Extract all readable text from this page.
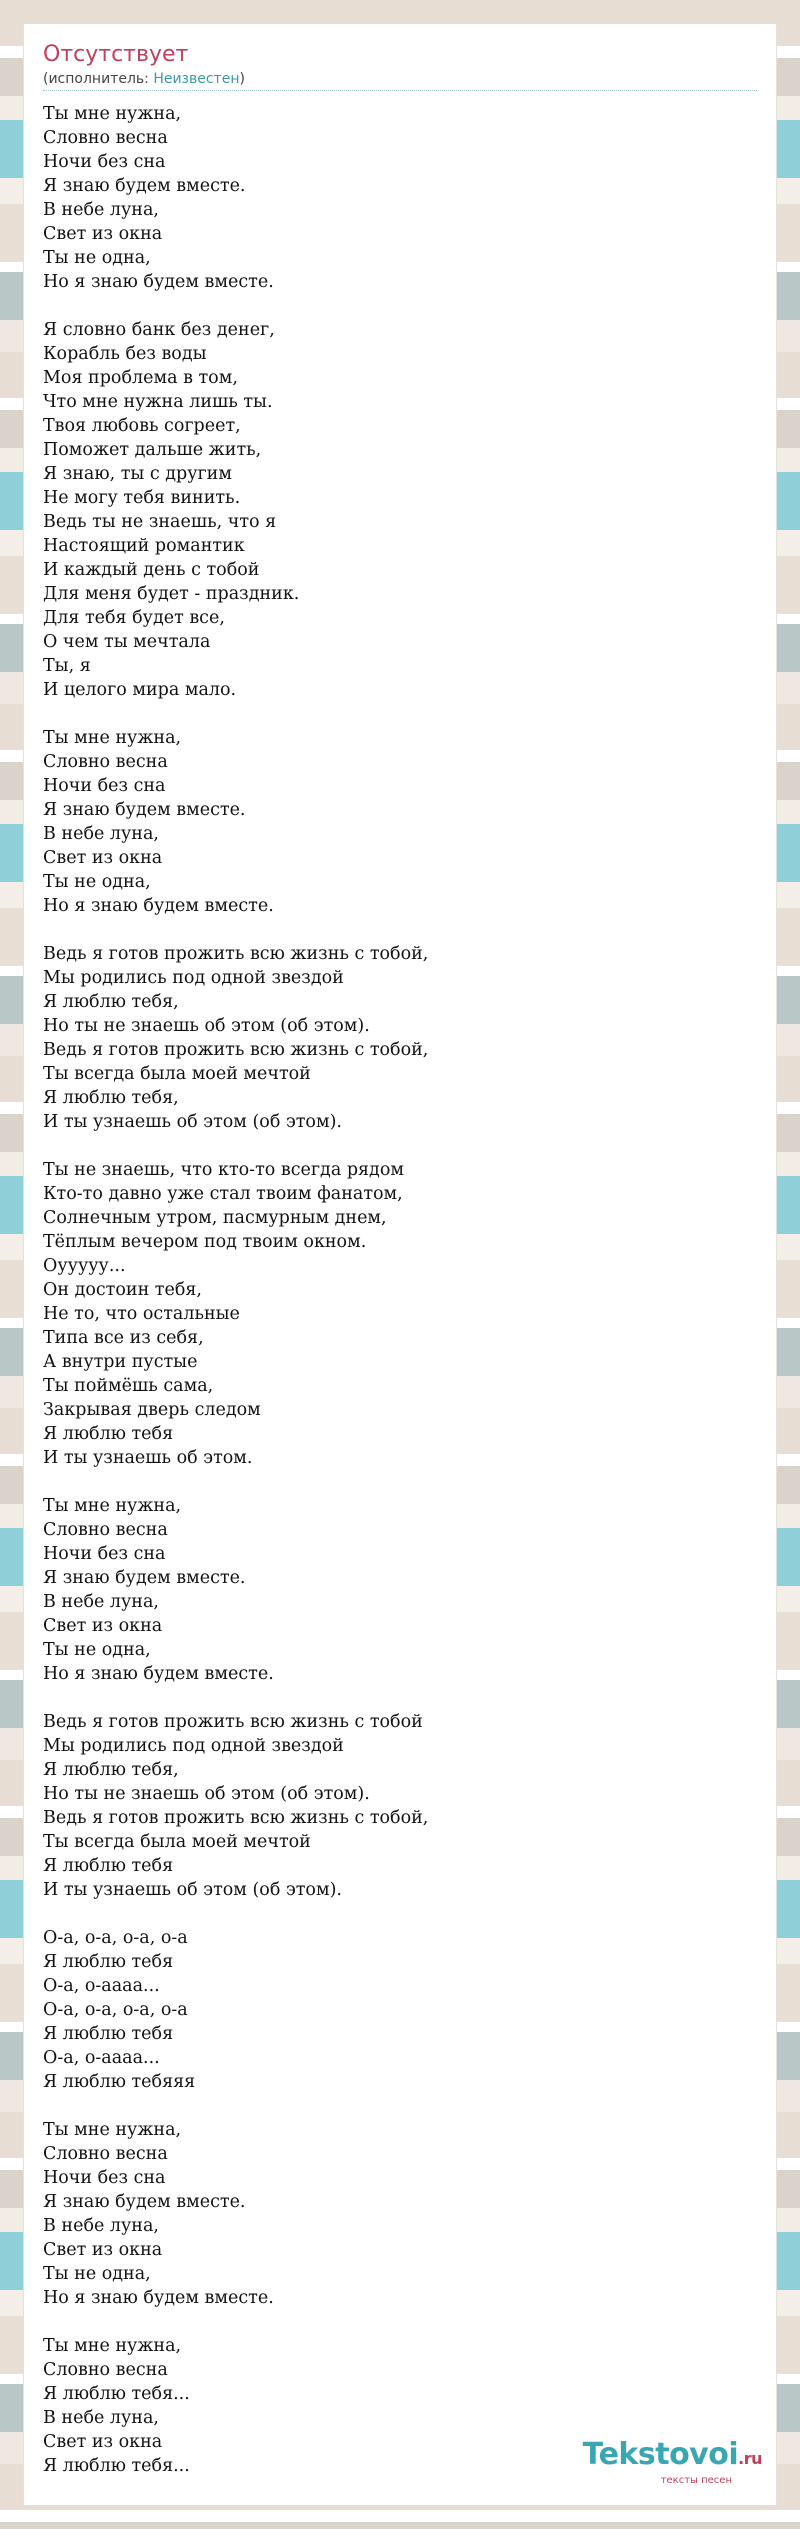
Отсутствует
(исполнитель: Неизвестен)
Ты мне нужна,
Словно весна
Ночи без сна
Я знаю будем вместе.
В небе луна,
Свет из окна
Ты не одна,
Но я знаю будем вместе.
Я словно банк без денег,
Корабль без воды
Моя проблема в том,
Что мне нужна лишь ты.
Твоя любовь согреет,
Поможет дальше жить,
Я знаю, ты с другим
Не могу тебя винить.
Ведь ты не знаешь, что я
Настоящий романтик
И каждый день с тобой
Для меня будет - праздник.
Для тебя будет все,
О чем ты мечтала
Ты, я
И целого мира мало.
Ты мне нужна,
Словно весна
Ночи без сна
Я знаю будем вместе.
В небе луна,
Свет из окна
Ты не одна,
Но я знаю будем вместе.
Ведь я готов прожить всю жизнь с тобой,
Мы родились под одной звездой
Я люблю тебя,
Но ты не знаешь об этом (об этом).
Ведь я готов прожить всю жизнь с тобой,
Ты всегда была моей мечтой
Я люблю тебя,
И ты узнаешь об этом (об этом).
Ты не знаешь, что кто-то всегда рядом
Кто-то давно уже стал твоим фанатом,
Солнечным утром, пасмурным днем,
Тёплым вечером под твоим окном.
Оууууу...
Он достоин тебя,
Не то, что остальные
Типа все из себя,
А внутри пустые
Ты поймёшь сама,
Закрывая дверь следом
Я люблю тебя
И ты узнаешь об этом.
Ты мне нужна,
Словно весна
Ночи без сна
Я знаю будем вместе.
В небе луна,
Свет из окна
Ты не одна,
Но я знаю будем вместе.
Ведь я готов прожить всю жизнь с тобой
Мы родились под одной звездой
Я люблю тебя,
Но ты не знаешь об этом (об этом).
Ведь я готов прожить всю жизнь с тобой,
Ты всегда была моей мечтой
Я люблю тебя
И ты узнаешь об этом (об этом).
О-а, о-а, о-а, о-а
Я люблю тебя
О-а, о-аааа...
О-а, о-а, о-а, о-а
Я люблю тебя
О-а, о-аааа...
Я люблю тебяяя
Ты мне нужна,
Словно весна
Ночи без сна
Я знаю будем вместе.
В небе луна,
Свет из окна
Ты не одна,
Но я знаю будем вместе.
Ты мне нужна,
Словно весна
Я люблю тебя...
В небе луна,
Свет из окна
Я люблю тебя...	Tekstovoi.ru
тексты песен
